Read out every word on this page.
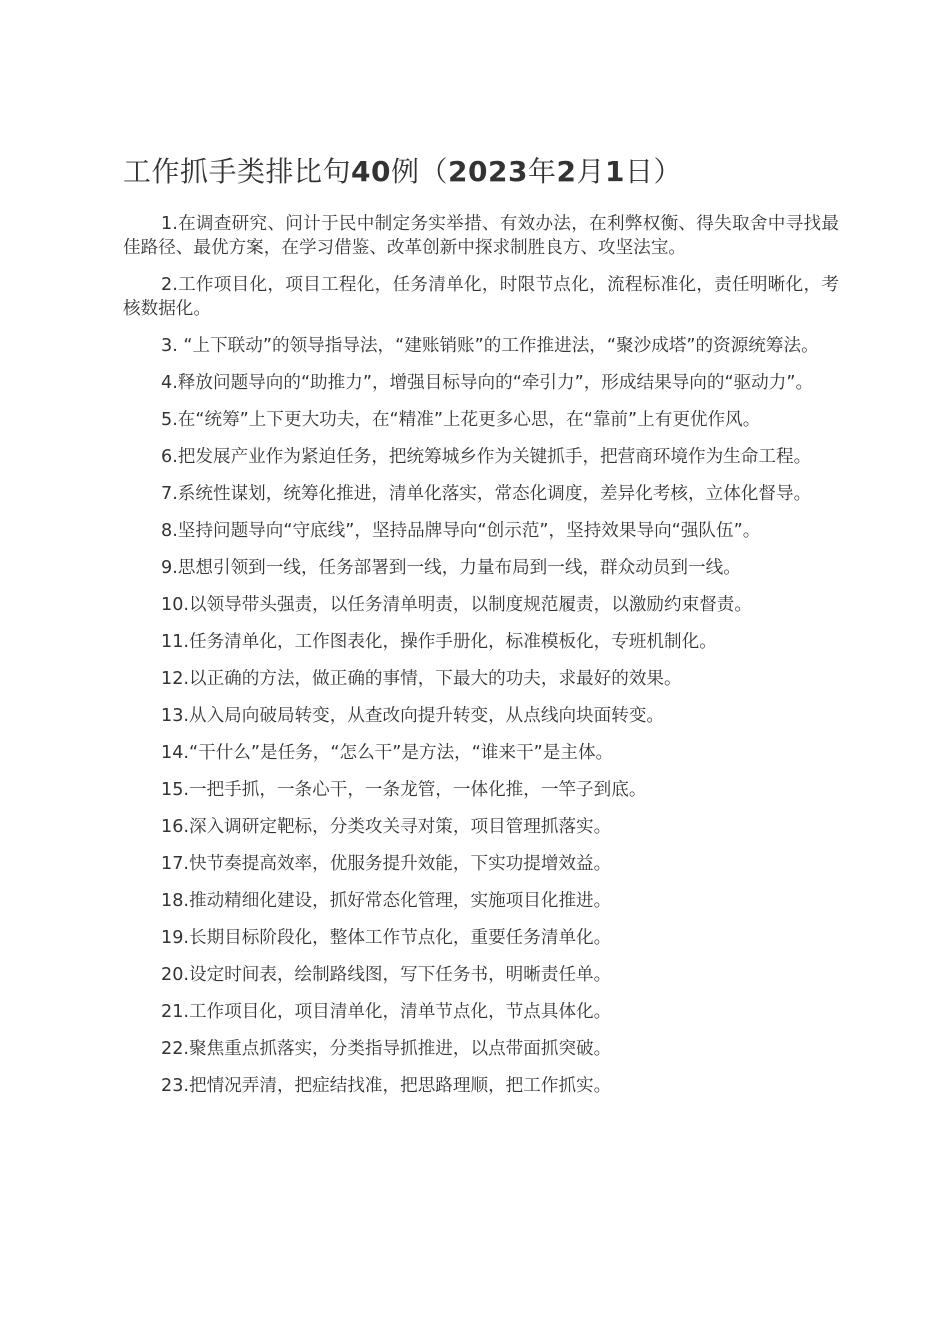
工作抓手类排比句40例（2023年2月1日）

1.在调查研究、问计于民中制定务实举措、有效办法，在利弊权衡、得失取舍中寻找最佳路径、最优方案，在学习借鉴、改革创新中探求制胜良方、攻坚法宝。

2.工作项目化，项目工程化，任务清单化，时限节点化，流程标准化，责任明晰化，考核数据化。

3. “上下联动”的领导指导法，“建账销账”的工作推进法，“聚沙成塔”的资源统筹法。

4.释放问题导向的“助推力”，增强目标导向的“牵引力”，形成结果导向的“驱动力”。

5.在“统筹”上下更大功夫，在“精准”上花更多心思，在“靠前”上有更优作风。

6.把发展产业作为紧迫任务，把统筹城乡作为关键抓手，把营商环境作为生命工程。

7.系统性谋划，统筹化推进，清单化落实，常态化调度，差异化考核，立体化督导。

8.坚持问题导向“守底线”，坚持品牌导向“创示范”，坚持效果导向“强队伍”。

9.思想引领到一线，任务部署到一线，力量布局到一线，群众动员到一线。

10.以领导带头强责，以任务清单明责，以制度规范履责，以激励约束督责。

11.任务清单化，工作图表化，操作手册化，标准模板化，专班机制化。

12.以正确的方法，做正确的事情，下最大的功夫，求最好的效果。

13.从入局向破局转变，从查改向提升转变，从点线向块面转变。

14.“干什么”是任务，“怎么干”是方法，“谁来干”是主体。

15.一把手抓，一条心干，一条龙管，一体化推，一竿子到底。

16.深入调研定靶标，分类攻关寻对策，项目管理抓落实。

17.快节奏提高效率，优服务提升效能，下实功提增效益。

18.推动精细化建设，抓好常态化管理，实施项目化推进。

19.长期目标阶段化，整体工作节点化，重要任务清单化。

20.设定时间表，绘制路线图，写下任务书，明晰责任单。

21.工作项目化，项目清单化，清单节点化，节点具体化。

22.聚焦重点抓落实，分类指导抓推进，以点带面抓突破。

23.把情况弄清，把症结找准，把思路理顺，把工作抓实。
